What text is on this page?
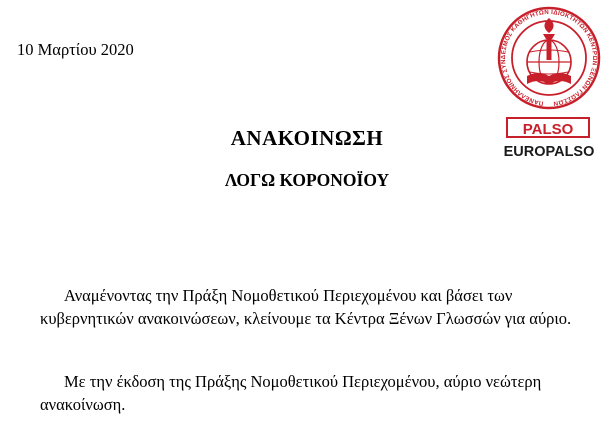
10 Μαρτίου 2020
ΠΑΝΕΛΛΗΝΙΟΣ ΣΥΝΔΕΣΜΟΣ ΚΑΘΗΓΗΤΩΝ ΙΔΙΟΚΤΗΤΩΝ ΚΕΝΤΡΩΝ ΞΕΝΩΝ ΓΛΩΣΣΩΝ
PALSO
EUROPALSO
ΑΝΑΚΟΙΝΩΣΗ
ΛΟΓΩ ΚΟΡΟΝΟΪΟΥ

Αναμένοντας την Πράξη Νομοθετικού Περιεχομένου και βάσει των κυβερνητικών ανακοινώσεων, κλείνουμε τα Κέντρα Ξένων Γλωσσών για αύριο.

Με την έκδοση της Πράξης Νομοθετικού Περιεχομένου, αύριο νεώτερη ανακοίνωση.
